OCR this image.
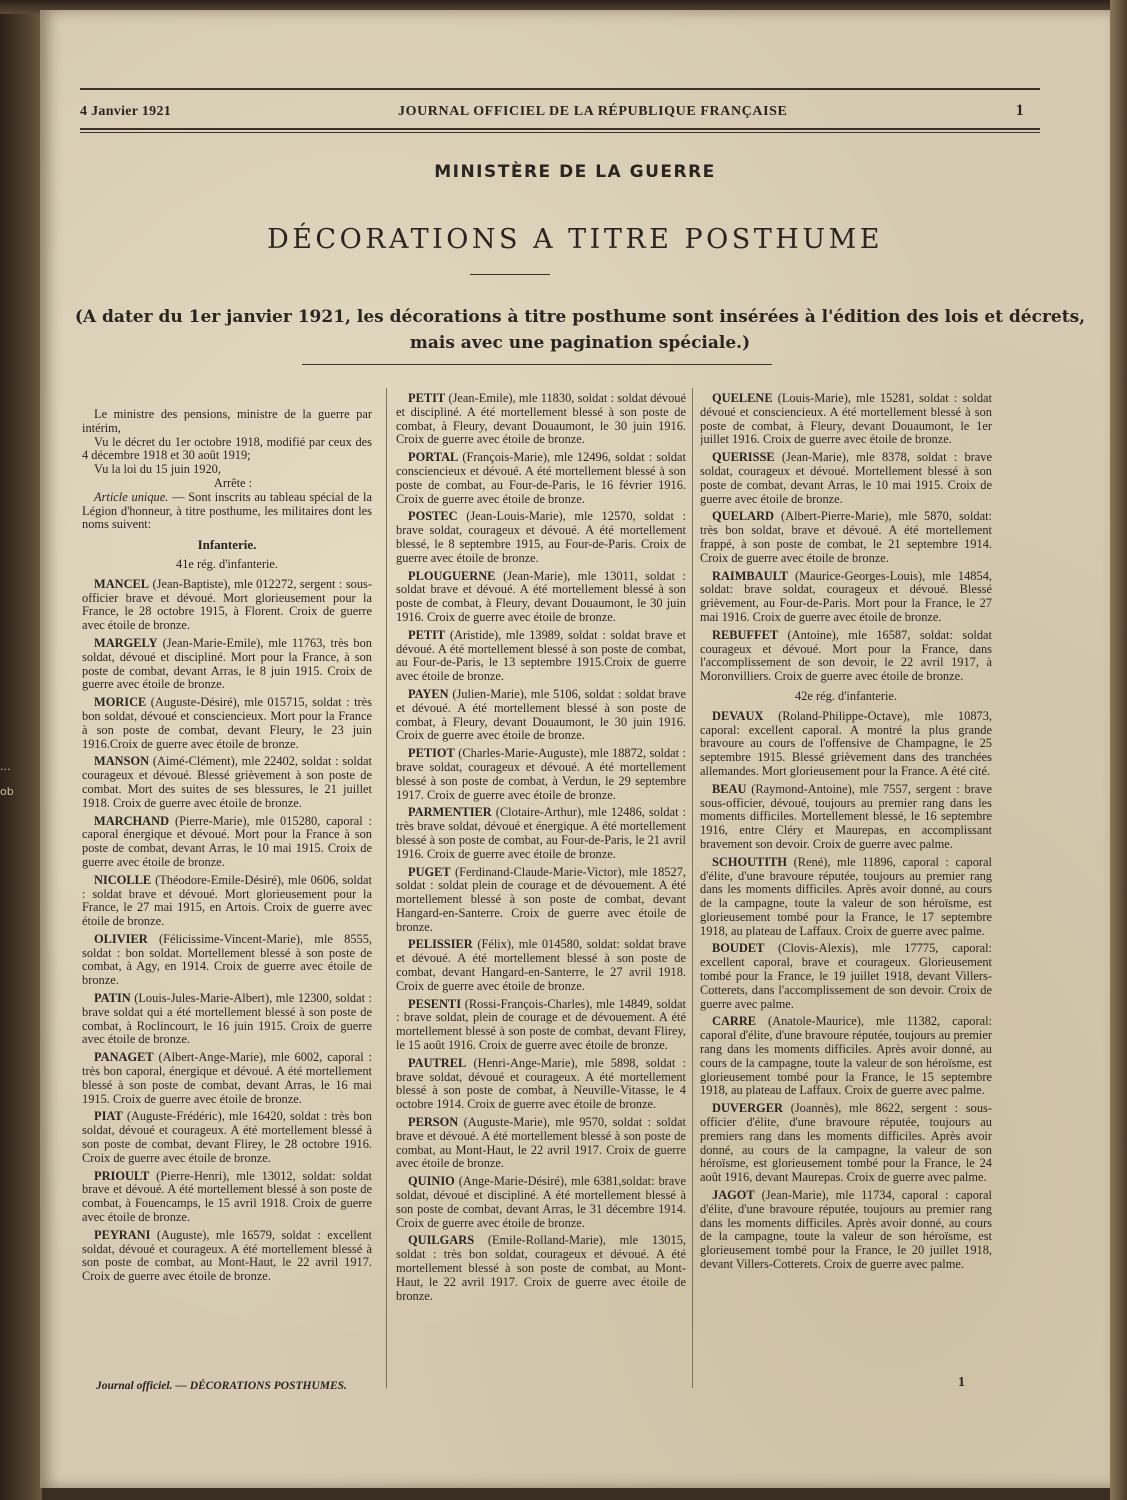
...
ob
4 Janvier 1921	JOURNAL OFFICIEL DE LA RÉPUBLIQUE FRANÇAISE	1
MINISTÈRE DE LA GUERRE
DÉCORATIONS A TITRE POSTHUME
(A dater du 1er janvier 1921, les décorations à titre posthume sont insérées à l'édition des lois et décrets,
mais avec une pagination spéciale.)

Le ministre des pensions, ministre de la guerre par intérim,

Vu le décret du 1er octobre 1918, modifié par ceux des 4 décembre 1918 et 30 août 1919;

Vu la loi du 15 juin 1920,

Arrête :

Article unique. — Sont inscrits au tableau spécial de la Légion d'honneur, à titre posthume, les militaires dont les noms suivent:

Infanterie.
41e rég. d'infanterie.

MANCEL (Jean-Baptiste), mle 012272, sergent : sous-officier brave et dévoué. Mort glorieusement pour la France, le 28 octobre 1915, à Florent. Croix de guerre avec étoile de bronze.

MARGELY (Jean-Marie-Emile), mle 11763, très bon soldat, dévoué et discipliné. Mort pour la France, à son poste de combat, devant Arras, le 8 juin 1915. Croix de guerre avec étoile de bronze.

MORICE (Auguste-Désiré), mle 015715, soldat : très bon soldat, dévoué et consciencieux. Mort pour la France à son poste de combat, devant Fleury, le 23 juin 1916.Croix de guerre avec étoile de bronze.

MANSON (Aimé-Clément), mle 22402, soldat : soldat courageux et dévoué. Blessé grièvement à son poste de combat. Mort des suites de ses blessures, le 21 juillet 1918. Croix de guerre avec étoile de bronze.

MARCHAND (Pierre-Marie), mle 015280, caporal : caporal énergique et dévoué. Mort pour la France à son poste de combat, devant Arras, le 10 mai 1915. Croix de guerre avec étoile de bronze.

NICOLLE (Théodore-Emile-Désiré), mle 0606, soldat : soldat brave et dévoué. Mort glorieusement pour la France, le 27 mai 1915, en Artois. Croix de guerre avec étoile de bronze.

OLIVIER (Félicissime-Vincent-Marie), mle 8555, soldat : bon soldat. Mortellement blessé à son poste de combat, à Agy, en 1914. Croix de guerre avec étoile de bronze.

PATIN (Louis-Jules-Marie-Albert), mle 12300, soldat : brave soldat qui a été mortellement blessé à son poste de combat, à Roclincourt, le 16 juin 1915. Croix de guerre avec étoile de bronze.

PANAGET (Albert-Ange-Marie), mle 6002, caporal : très bon caporal, énergique et dévoué. A été mortellement blessé à son poste de combat, devant Arras, le 16 mai 1915. Croix de guerre avec étoile de bronze.

PIAT (Auguste-Frédéric), mle 16420, soldat : très bon soldat, dévoué et courageux. A été mortellement blessé à son poste de combat, devant Flirey, le 28 octobre 1916. Croix de guerre avec étoile de bronze.

PRIOULT (Pierre-Henri), mle 13012, soldat: soldat brave et dévoué. A été mortellement blessé à son poste de combat, à Fouencamps, le 15 avril 1918. Croix de guerre avec étoile de bronze.

PEYRANI (Auguste), mle 16579, soldat : excellent soldat, dévoué et courageux. A été mortellement blessé à son poste de combat, au Mont-Haut, le 22 avril 1917. Croix de guerre avec étoile de bronze.

PETIT (Jean-Emile), mle 11830, soldat : soldat dévoué et discipliné. A été mortellement blessé à son poste de combat, à Fleury, devant Douaumont, le 30 juin 1916. Croix de guerre avec étoile de bronze.

PORTAL (François-Marie), mle 12496, soldat : soldat consciencieux et dévoué. A été mortellement blessé à son poste de combat, au Four-de-Paris, le 16 février 1916. Croix de guerre avec étoile de bronze.

POSTEC (Jean-Louis-Marie), mle 12570, soldat : brave soldat, courageux et dévoué. A été mortellement blessé, le 8 septembre 1915, au Four-de-Paris. Croix de guerre avec étoile de bronze.

PLOUGUERNE (Jean-Marie), mle 13011, soldat : soldat brave et dévoué. A été mortellement blessé à son poste de combat, à Fleury, devant Douaumont, le 30 juin 1916. Croix de guerre avec étoile de bronze.

PETIT (Aristide), mle 13989, soldat : soldat brave et dévoué. A été mortellement blessé à son poste de combat, au Four-de-Paris, le 13 septembre 1915.Croix de guerre avec étoile de bronze.

PAYEN (Julien-Marie), mle 5106, soldat : soldat brave et dévoué. A été mortellement blessé à son poste de combat, à Fleury, devant Douaumont, le 30 juin 1916. Croix de guerre avec étoile de bronze.

PETIOT (Charles-Marie-Auguste), mle 18872, soldat : brave soldat, courageux et dévoué. A été mortellement blessé à son poste de combat, à Verdun, le 29 septembre 1917. Croix de guerre avec étoile de bronze.

PARMENTIER (Clotaire-Arthur), mle 12486, soldat : très brave soldat, dévoué et énergique. A été mortellement blessé à son poste de combat, au Four-de-Paris, le 21 avril 1916. Croix de guerre avec étoile de bronze.

PUGET (Ferdinand-Claude-Marie-Victor), mle 18527, soldat : soldat plein de courage et de dévouement. A été mortellement blessé à son poste de combat, devant Hangard-en-Santerre. Croix de guerre avec étoile de bronze.

PELISSIER (Félix), mle 014580, soldat: soldat brave et dévoué. A été mortellement blessé à son poste de combat, devant Hangard-en-Santerre, le 27 avril 1918. Croix de guerre avec étoile de bronze.

PESENTI (Rossi-François-Charles), mle 14849, soldat : brave soldat, plein de courage et de dévouement. A été mortellement blessé à son poste de combat, devant Flirey, le 15 août 1916. Croix de guerre avec étoile de bronze.

PAUTREL (Henri-Ange-Marie), mle 5898, soldat : brave soldat, dévoué et courageux. A été mortellement blessé à son poste de combat, à Neuville-Vitasse, le 4 octobre 1914. Croix de guerre avec étoile de bronze.

PERSON (Auguste-Marie), mle 9570, soldat : soldat brave et dévoué. A été mortellement blessé à son poste de combat, au Mont-Haut, le 22 avril 1917. Croix de guerre avec étoile de bronze.

QUINIO (Ange-Marie-Désiré), mle 6381,soldat: brave soldat, dévoué et discipliné. A été mortellement blessé à son poste de combat, devant Arras, le 31 décembre 1914. Croix de guerre avec étoile de bronze.

QUILGARS (Emile-Rolland-Marie), mle 13015, soldat : très bon soldat, courageux et dévoué. A été mortellement blessé à son poste de combat, au Mont-Haut, le 22 avril 1917. Croix de guerre avec étoile de bronze.

QUELENE (Louis-Marie), mle 15281, soldat : soldat dévoué et consciencieux. A été mortellement blessé à son poste de combat, à Fleury, devant Douaumont, le 1er juillet 1916. Croix de guerre avec étoile de bronze.

QUERISSE (Jean-Marie), mle 8378, soldat : brave soldat, courageux et dévoué. Mortellement blessé à son poste de combat, devant Arras, le 10 mai 1915. Croix de guerre avec étoile de bronze.

QUELARD (Albert-Pierre-Marie), mle 5870, soldat: très bon soldat, brave et dévoué. A été mortellement frappé, à son poste de combat, le 21 septembre 1914. Croix de guerre avec étoile de bronze.

RAIMBAULT (Maurice-Georges-Louis), mle 14854, soldat: brave soldat, courageux et dévoué. Blessé grièvement, au Four-de-Paris. Mort pour la France, le 27 mai 1916. Croix de guerre avec étoile de bronze.

REBUFFET (Antoine), mle 16587, soldat: soldat courageux et dévoué. Mort pour la France, dans l'accomplissement de son devoir, le 22 avril 1917, à Moronvilliers. Croix de guerre avec étoile de bronze.

42e rég. d'infanterie.

DEVAUX (Roland-Philippe-Octave), mle 10873, caporal: excellent caporal. A montré la plus grande bravoure au cours de l'offensive de Champagne, le 25 septembre 1915. Blessé grièvement dans des tranchées allemandes. Mort glorieusement pour la France. A été cité.

BEAU (Raymond-Antoine), mle 7557, sergent : brave sous-officier, dévoué, toujours au premier rang dans les moments difficiles. Mortellement blessé, le 16 septembre 1916, entre Cléry et Maurepas, en accomplissant bravement son devoir. Croix de guerre avec palme.

SCHOUTITH (René), mle 11896, caporal : caporal d'élite, d'une bravoure réputée, toujours au premier rang dans les moments difficiles. Après avoir donné, au cours de la campagne, toute la valeur de son héroïsme, est glorieusement tombé pour la France, le 17 septembre 1918, au plateau de Laffaux. Croix de guerre avec palme.

BOUDET (Clovis-Alexis), mle 17775, caporal: excellent caporal, brave et courageux. Glorieusement tombé pour la France, le 19 juillet 1918, devant Villers-Cotterets, dans l'accomplissement de son devoir. Croix de guerre avec palme.

CARRE (Anatole-Maurice), mle 11382, caporal: caporal d'élite, d'une bravoure réputée, toujours au premier rang dans les moments difficiles. Après avoir donné, au cours de la campagne, toute la valeur de son héroïsme, est glorieusement tombé pour la France, le 15 septembre 1918, au plateau de Laffaux. Croix de guerre avec palme.

DUVERGER (Joannès), mle 8622, sergent : sous-officier d'élite, d'une bravoure réputée, toujours au premiers rang dans les moments difficiles. Après avoir donné, au cours de la campagne, la valeur de son héroïsme, est glorieusement tombé pour la France, le 24 août 1916, devant Maurepas. Croix de guerre avec palme.

JAGOT (Jean-Marie), mle 11734, caporal : caporal d'élite, d'une bravoure réputée, toujours au premier rang dans les moments difficiles. Après avoir donné, au cours de la campagne, toute la valeur de son héroïsme, est glorieusement tombé pour la France, le 20 juillet 1918, devant Villers-Cotterets. Croix de guerre avec palme.

Journal officiel. — DÉCORATIONS POSTHUMES.	1
